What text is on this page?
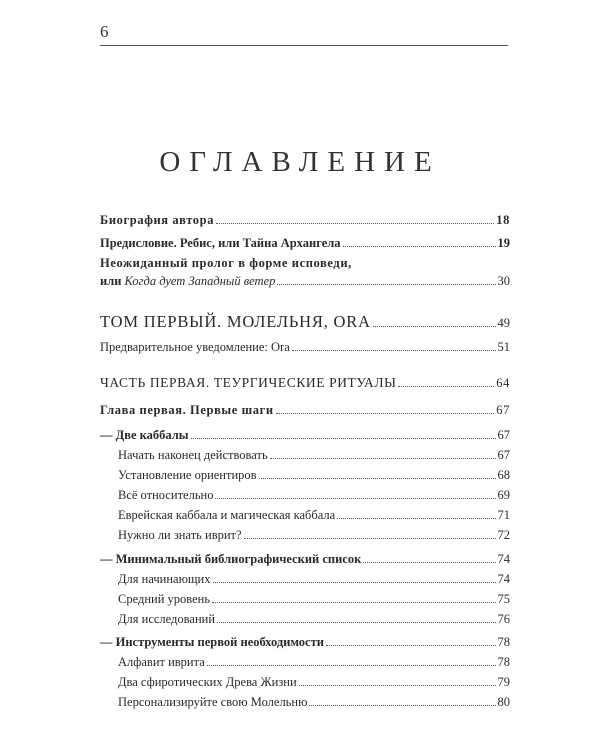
6
ОГЛАВЛЕНИЕ
Биография автора	18
Предисловие. Ребис, или Тайна Архангела	19
Неожиданный пролог в форме исповеди,
или Когда дует Западный ветер	30
ТОМ ПЕРВЫЙ. МОЛЕЛЬНЯ, ORA	49
Предварительное уведомление: Ora	51
ЧАСТЬ ПЕРВАЯ. ТЕУРГИЧЕСКИЕ РИТУАЛЫ	64
Глава первая. Первые шаги	67
— Две каббалы	67
Начать наконец действовать	67
Установление ориентиров	68
Всё относительно	69
Еврейская каббала и магическая каббала	71
Нужно ли знать иврит?	72
— Минимальный библиографический список	74
Для начинающих	74
Средний уровень	75
Для исследований	76
— Инструменты первой необходимости	78
Алфавит иврита	78
Два сфиротических Древа Жизни	79
Персонализируйте свою Молельню	80
